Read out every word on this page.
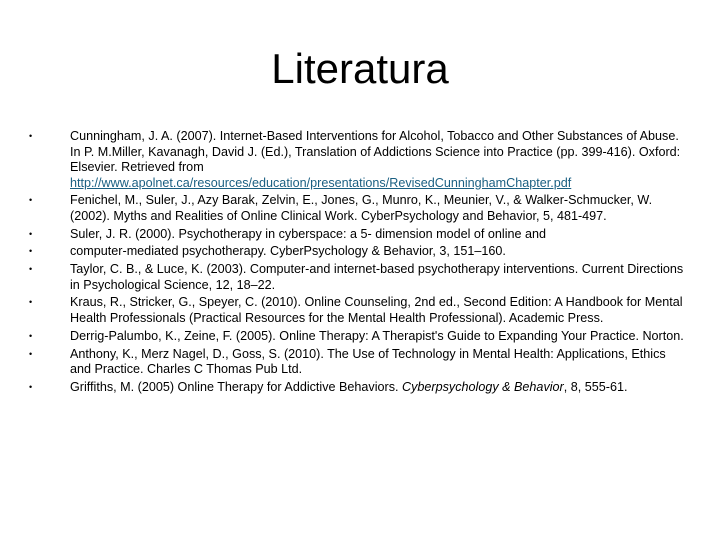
Literatura
•	Cunningham, J. A. (2007). Internet-Based Interventions for Alcohol, Tobacco and Other Substances of Abuse. In P. M.Miller, Kavanagh, David J. (Ed.), Translation of Addictions Science into Practice (pp. 399-416). Oxford: Elsevier. Retrieved from http://www.apolnet.ca/resources/education/presentations/RevisedCunninghamChapter.pdf
•	Fenichel, M., Suler, J., Azy Barak, Zelvin, E., Jones, G., Munro, K., Meunier, V., & Walker-Schmucker, W. (2002). Myths and Realities of Online Clinical Work. CyberPsychology and Behavior, 5, 481-497.
•	Suler, J. R. (2000). Psychotherapy in cyberspace: a 5- dimension model of online and
•	computer-mediated psychotherapy. CyberPsychology & Behavior, 3, 151–160.
•	Taylor, C. B., & Luce, K. (2003). Computer-and internet-based psychotherapy interventions. Current Directions in Psychological Science, 12, 18–22.
•	Kraus, R., Stricker, G., Speyer, C. (2010). Online Counseling, 2nd ed., Second Edition: A Handbook for Mental Health Professionals (Practical Resources for the Mental Health Professional). Academic Press.
•	Derrig-Palumbo, K., Zeine, F. (2005). Online Therapy: A Therapist's Guide to Expanding Your Practice. Norton.
•	Anthony, K., Merz Nagel, D., Goss, S. (2010). The Use of Technology in Mental Health: Applications, Ethics and Practice. Charles C Thomas Pub Ltd.
•	Griffiths, M. (2005) Online Therapy for Addictive Behaviors. Cyberpsychology & Behavior, 8, 555-61.
